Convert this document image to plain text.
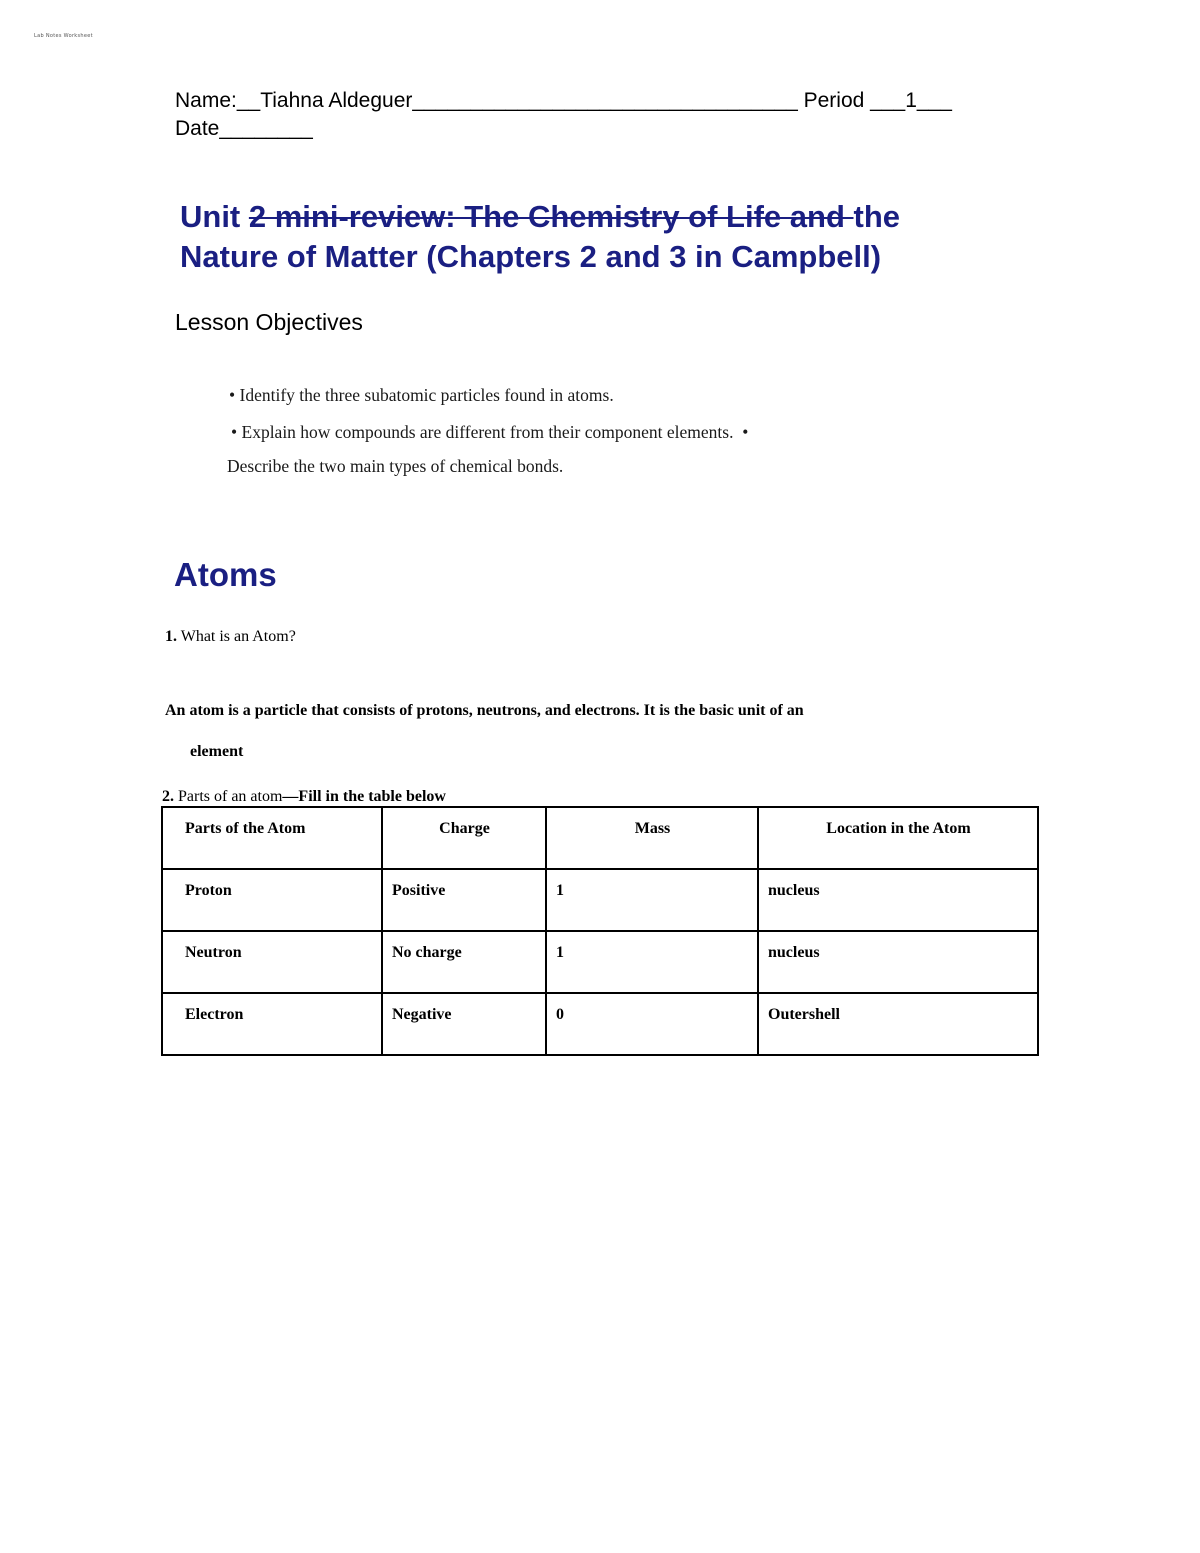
Lab Notes Worksheet
Name:__Tiahna Aldeguer_________________________________ Period ___1___
Date________
Unit 2 mini-review: The Chemistry of Life and the
Nature of Matter (Chapters 2 and 3 in Campbell)
Lesson Objectives
• Identify the three subatomic particles found in atoms.
• Explain how compounds are different from their component elements.  •
Describe the two main types of chemical bonds.
Atoms
1. What is an Atom?
An atom is a particle that consists of protons, neutrons, and electrons. It is the basic unit of an
element
2. Parts of an atom—Fill in the table below
Parts of the Atom	Charge	Mass	Location in the Atom
Proton	Positive	1	nucleus
Neutron	No charge	1	nucleus
Electron	Negative	0	Outershell
